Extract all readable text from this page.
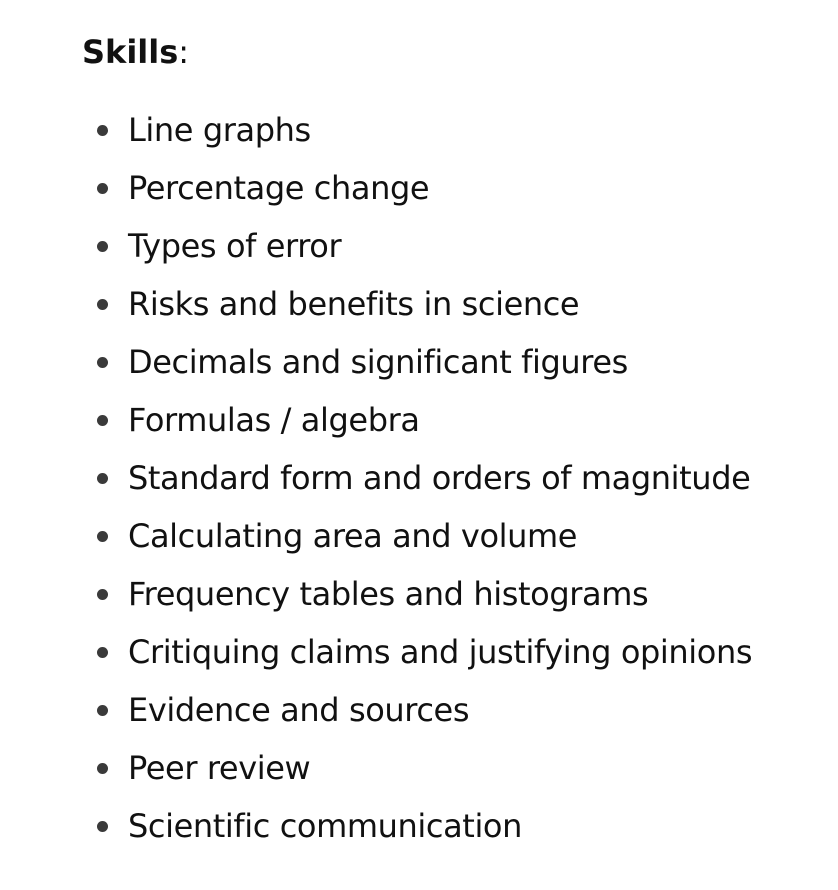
Skills:
Line graphs
Percentage change
Types of error
Risks and benefits in science
Decimals and significant figures
Formulas / algebra
Standard form and orders of magnitude
Calculating area and volume
Frequency tables and histograms
Critiquing claims and justifying opinions
Evidence and sources
Peer review
Scientific communication
